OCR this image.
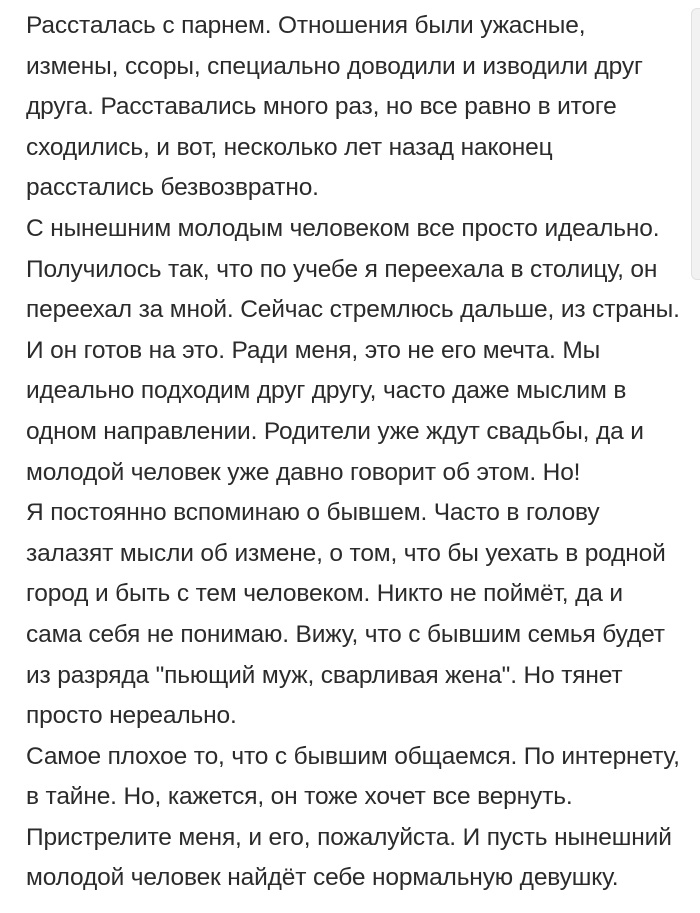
Рассталась с парнем. Отношения были ужасные,
измены, ссоры, специально доводили и изводили друг
друга. Расставались много раз, но все равно в итоге
сходились, и вот, несколько лет назад наконец
расстались безвозвратно.
С нынешним молодым человеком все просто идеально.
Получилось так, что по учебе я переехала в столицу, он
переехал за мной. Сейчас стремлюсь дальше, из страны.
И он готов на это. Ради меня, это не его мечта. Мы
идеально подходим друг другу, часто даже мыслим в
одном направлении. Родители уже ждут свадьбы, да и
молодой человек уже давно говорит об этом. Но!
Я постоянно вспоминаю о бывшем. Часто в голову
залазят мысли об измене, о том, что бы уехать в родной
город и быть с тем человеком. Никто не поймёт, да и
сама себя не понимаю. Вижу, что с бывшим семья будет
из разряда "пьющий муж, сварливая жена". Но тянет
просто нереально.
Самое плохое то, что с бывшим общаемся. По интернету,
в тайне. Но, кажется, он тоже хочет все вернуть.
Пристрелите меня, и его, пожалуйста. И пусть нынешний
молодой человек найдёт себе нормальную девушку.
